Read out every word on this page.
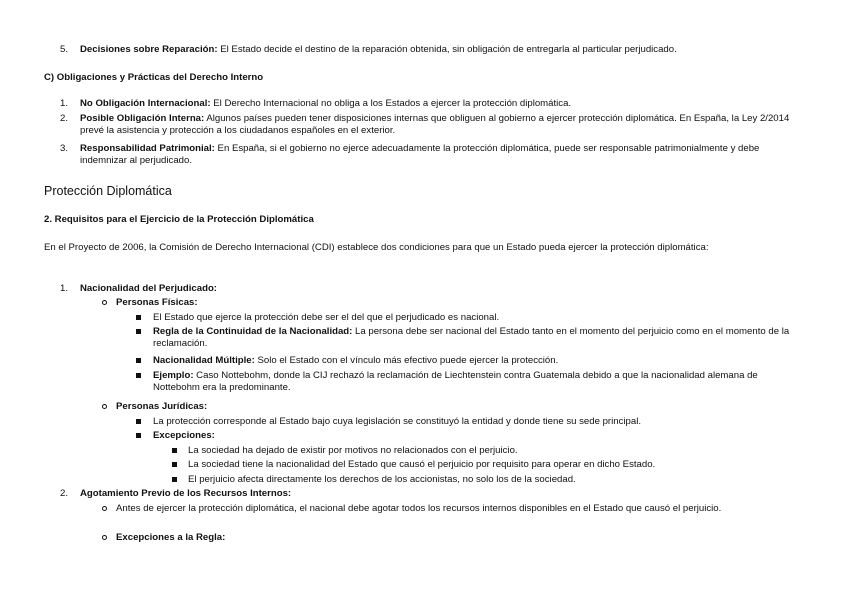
5. Decisiones sobre Reparación: El Estado decide el destino de la reparación obtenida, sin obligación de entregarla al particular perjudicado.
C) Obligaciones y Prácticas del Derecho Interno
1. No Obligación Internacional: El Derecho Internacional no obliga a los Estados a ejercer la protección diplomática.
2. Posible Obligación Interna: Algunos países pueden tener disposiciones internas que obliguen al gobierno a ejercer protección diplomática. En España, la Ley 2/2014 prevé la asistencia y protección a los ciudadanos españoles en el exterior.
3. Responsabilidad Patrimonial: En España, si el gobierno no ejerce adecuadamente la protección diplomática, puede ser responsable patrimonialmente y debe indemnizar al perjudicado.
Protección Diplomática
2. Requisitos para el Ejercicio de la Protección Diplomática
En el Proyecto de 2006, la Comisión de Derecho Internacional (CDI) establece dos condiciones para que un Estado pueda ejercer la protección diplomática:
1. Nacionalidad del Perjudicado:
Personas Físicas:
El Estado que ejerce la protección debe ser el del que el perjudicado es nacional.
Regla de la Continuidad de la Nacionalidad: La persona debe ser nacional del Estado tanto en el momento del perjuicio como en el momento de la reclamación.
Nacionalidad Múltiple: Solo el Estado con el vínculo más efectivo puede ejercer la protección.
Ejemplo: Caso Nottebohm, donde la CIJ rechazó la reclamación de Liechtenstein contra Guatemala debido a que la nacionalidad alemana de Nottebohm era la predominante.
Personas Jurídicas:
La protección corresponde al Estado bajo cuya legislación se constituyó la entidad y donde tiene su sede principal.
Excepciones:
La sociedad ha dejado de existir por motivos no relacionados con el perjuicio.
La sociedad tiene la nacionalidad del Estado que causó el perjuicio por requisito para operar en dicho Estado.
El perjuicio afecta directamente los derechos de los accionistas, no solo los de la sociedad.
2. Agotamiento Previo de los Recursos Internos:
Antes de ejercer la protección diplomática, el nacional debe agotar todos los recursos internos disponibles en el Estado que causó el perjuicio.
Excepciones a la Regla:
